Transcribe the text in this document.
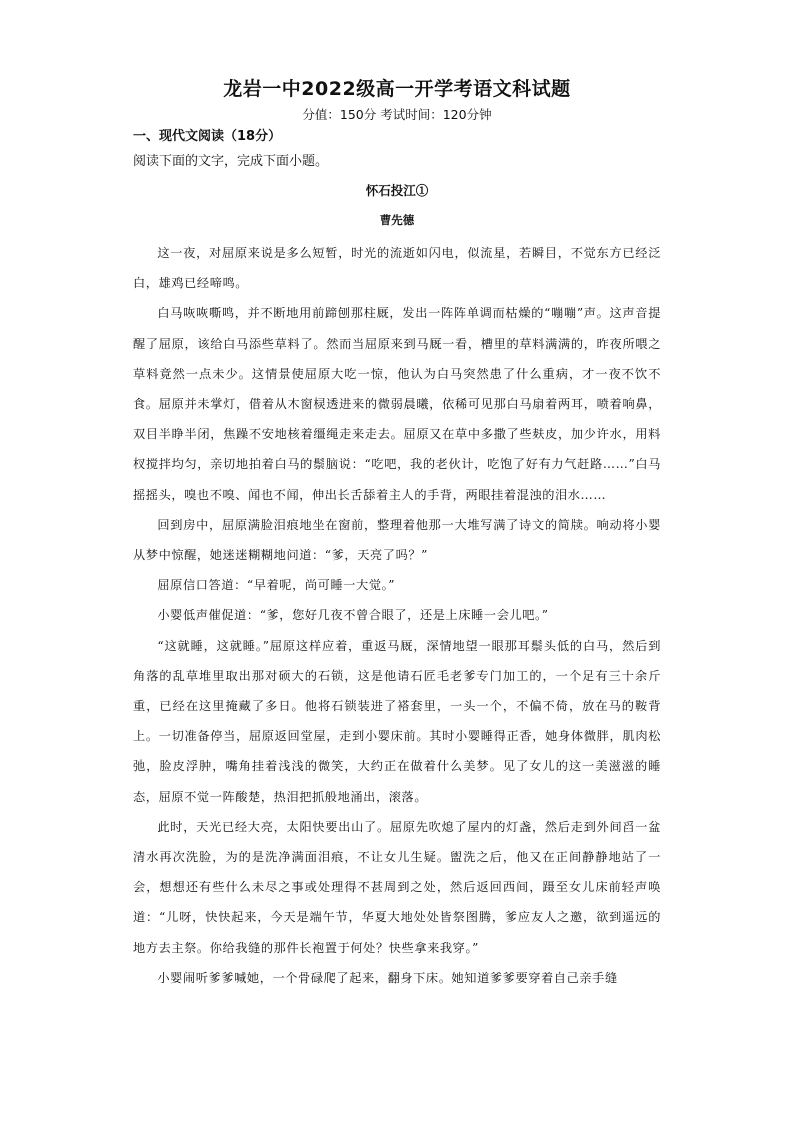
龙岩一中2022级高一开学考语文科试题
分值：150分 考试时间：120分钟
一、现代文阅读（18分）
阅读下面的文字，完成下面小题。
怀石投江①
曹先德

这一夜，对屈原来说是多么短暂，时光的流逝如闪电，似流星，若瞬目，不觉东方已经泛白，雄鸡已经啼鸣。

白马咴咴嘶鸣，并不断地用前蹄刨那柱厩，发出一阵阵单调而枯燥的“嘣嘣”声。这声音提醒了屈原，该给白马添些草料了。然而当屈原来到马厩一看，槽里的草料满满的，昨夜所喂之草料竟然一点未少。这情景使屈原大吃一惊，他认为白马突然患了什么重病，才一夜不饮不食。屈原并未掌灯，借着从木窗棂透进来的微弱晨曦，依稀可见那白马扇着两耳，喷着响鼻，双目半睁半闭，焦躁不安地核着缰绳走来走去。屈原又在草中多撒了些麸皮，加少许水，用料杈搅拌均匀，亲切地拍着白马的鬃脑说：“吃吧，我的老伙计，吃饱了好有力气赶路……”白马摇摇头，嗅也不嗅、闻也不闻，伸出长舌舔着主人的手背，两眼挂着混浊的泪水……

回到房中，屈原满脸泪痕地坐在窗前，整理着他那一大堆写满了诗文的简牍。响动将小婴从梦中惊醒，她迷迷糊糊地问道：“爹，天亮了吗？”

屈原信口答道：“早着呢，尚可睡一大觉。”

小婴低声催促道：“爹，您好几夜不曾合眼了，还是上床睡一会儿吧。”

“这就睡，这就睡。”屈原这样应着，重返马厩，深情地望一眼那耳鬃头低的白马，然后到角落的乱草堆里取出那对硕大的石锁，这是他请石匠毛老爹专门加工的，一个足有三十余斤重，已经在这里掩藏了多日。他将石锁装进了褡套里，一头一个，不偏不倚，放在马的鞍背上。一切准备停当，屈原返回堂屋，走到小婴床前。其时小婴睡得正香，她身体微胖，肌肉松弛，脸皮浮肿，嘴角挂着浅浅的微笑，大约正在做着什么美梦。见了女儿的这一美滋滋的睡态，屈原不觉一阵酸楚，热泪把抓般地涌出，滚落。

此时，天光已经大亮，太阳快要出山了。屈原先吹熄了屋内的灯盏，然后走到外间舀一盆清水再次洗脸，为的是洗净满面泪痕，不让女儿生疑。盥洗之后，他又在正间静静地站了一会，想想还有些什么未尽之事或处理得不甚周到之处，然后返回西间，蹑至女儿床前轻声唤道：“儿呀，快快起来，今天是端午节，华夏大地处处皆祭图腾，爹应友人之邀，欲到遥远的地方去主祭。你给我缝的那件长袍置于何处？快些拿来我穿。”

小婴闹听爹爹喊她，一个骨碌爬了起来，翻身下床。她知道爹爹要穿着自己亲手缝
